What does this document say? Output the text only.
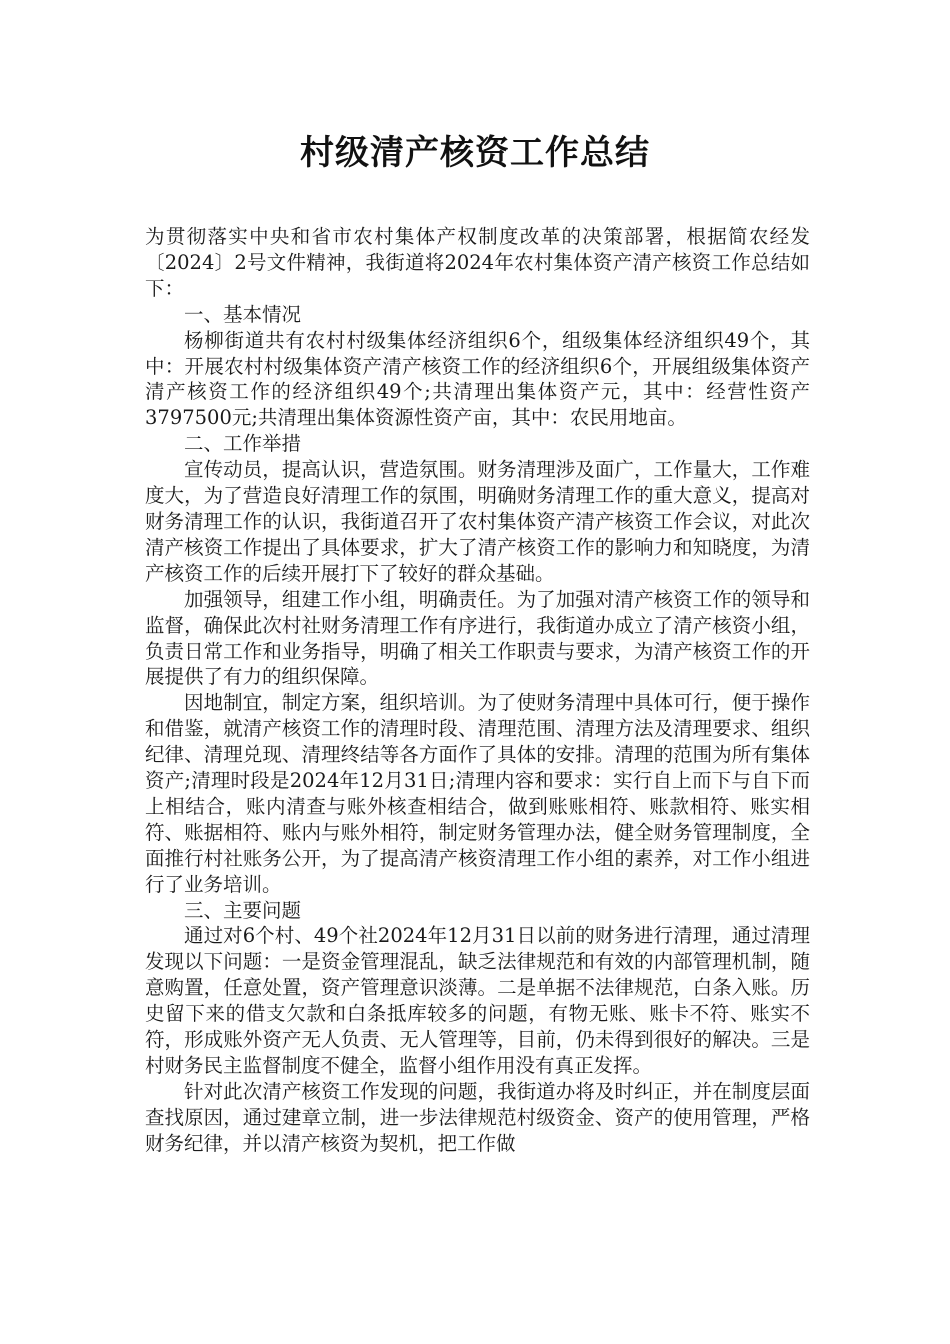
村级清产核资工作总结

为贯彻落实中央和省市农村集体产权制度改革的决策部署，根据简农经发〔2024〕2号文件精神，我街道将2024年农村集体资产清产核资工作总结如下：

一、基本情况

杨柳街道共有农村村级集体经济组织6个，组级集体经济组织49个，其中：开展农村村级集体资产清产核资工作的经济组织6个，开展组级集体资产清产核资工作的经济组织49个;共清理出集体资产元，其中：经营性资产3797500元;共清理出集体资源性资产亩，其中：农民用地亩。

二、工作举措

宣传动员，提高认识，营造氛围。财务清理涉及面广，工作量大，工作难度大，为了营造良好清理工作的氛围，明确财务清理工作的重大意义，提高对财务清理工作的认识，我街道召开了农村集体资产清产核资工作会议，对此次清产核资工作提出了具体要求，扩大了清产核资工作的影响力和知晓度，为清产核资工作的后续开展打下了较好的群众基础。

加强领导，组建工作小组，明确责任。为了加强对清产核资工作的领导和监督，确保此次村社财务清理工作有序进行，我街道办成立了清产核资小组，负责日常工作和业务指导，明确了相关工作职责与要求，为清产核资工作的开展提供了有力的组织保障。

因地制宜，制定方案，组织培训。为了使财务清理中具体可行，便于操作和借鉴，就清产核资工作的清理时段、清理范围、清理方法及清理要求、组织纪律、清理兑现、清理终结等各方面作了具体的安排。清理的范围为所有集体资产;清理时段是2024年12月31日;清理内容和要求：实行自上而下与自下而上相结合，账内清查与账外核查相结合，做到账账相符、账款相符、账实相符、账据相符、账内与账外相符，制定财务管理办法，健全财务管理制度，全面推行村社账务公开，为了提高清产核资清理工作小组的素养，对工作小组进行了业务培训。

三、主要问题

通过对6个村、49个社2024年12月31日以前的财务进行清理，通过清理发现以下问题：一是资金管理混乱，缺乏法律规范和有效的内部管理机制，随意购置，任意处置，资产管理意识淡薄。二是单据不法律规范，白条入账。历史留下来的借支欠款和白条抵库较多的问题，有物无账、账卡不符、账实不符，形成账外资产无人负责、无人管理等，目前，仍未得到很好的解决。三是村财务民主监督制度不健全，监督小组作用没有真正发挥。

针对此次清产核资工作发现的问题，我街道办将及时纠正，并在制度层面查找原因，通过建章立制，进一步法律规范村级资金、资产的使用管理，严格财务纪律，并以清产核资为契机，把工作做
